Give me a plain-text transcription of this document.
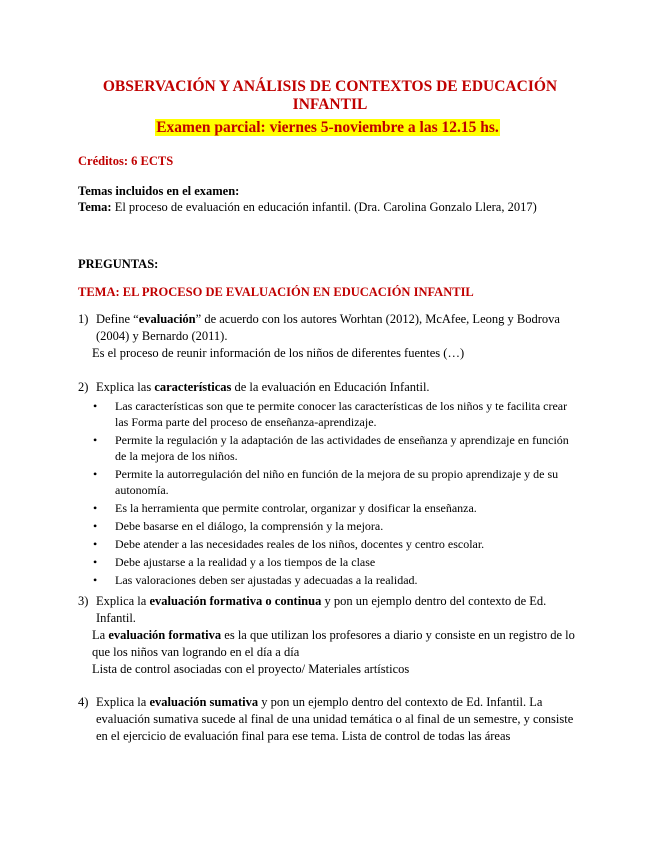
OBSERVACIÓN Y ANÁLISIS DE CONTEXTOS DE EDUCACIÓN
INFANTIL
Examen parcial: viernes 5-noviembre a las 12.15 hs.
Créditos: 6 ECTS
Temas incluidos en el examen:
Tema: El proceso de evaluación en educación infantil. (Dra. Carolina Gonzalo Llera, 2017)
PREGUNTAS:
TEMA: EL PROCESO DE EVALUACIÓN EN EDUCACIÓN INFANTIL
1) Define “evaluación” de acuerdo con los autores Worhtan (2012), McAfee, Leong y Bodrova (2004) y Bernardo (2011).
Es el proceso de reunir información de los niños de diferentes fuentes (…)
2) Explica las características de la evaluación en Educación Infantil.
• Las características son que te permite conocer las características de los niños y te facilita crear las Forma parte del proceso de enseñanza-aprendizaje.
• Permite la regulación y la adaptación de las actividades de enseñanza y aprendizaje en función de la mejora de los niños.
• Permite la autorregulación del niño en función de la mejora de su propio aprendizaje y de su autonomía.
• Es la herramienta que permite controlar, organizar y dosificar la enseñanza.
• Debe basarse en el diálogo, la comprensión y la mejora.
• Debe atender a las necesidades reales de los niños, docentes y centro escolar.
• Debe ajustarse a la realidad y a los tiempos de la clase
• Las valoraciones deben ser ajustadas y adecuadas a la realidad.
3) Explica la evaluación formativa o continua y pon un ejemplo dentro del contexto de Ed. Infantil.
La evaluación formativa es la que utilizan los profesores a diario y consiste en un registro de lo que los niños van logrando en el día a día
Lista de control asociadas con el proyecto/ Materiales artísticos
4) Explica la evaluación sumativa y pon un ejemplo dentro del contexto de Ed. Infantil. La evaluación sumativa sucede al final de una unidad temática o al final de un semestre, y consiste en el ejercicio de evaluación final para ese tema. Lista de control de todas las áreas
